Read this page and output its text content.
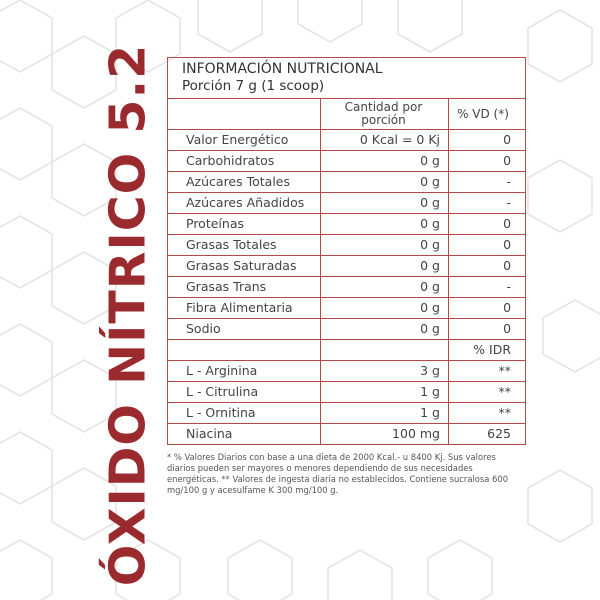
ÓXIDO NÍTRICO 5.2 INFORMACIÓN NUTRICIONAL
Porción 7 g (1 scoop)		

	Cantidad por porción	% VD (*)
Valor Energético	0 Kcal = 0 Kj	0
Carbohidratos	0 g	0
Azúcares Totales	0 g	-
Azúcares Añadidos	0 g	-
Proteínas	0 g	0
Grasas Totales	0 g	0
Grasas Saturadas	0 g	0
Grasas Trans	0 g	-
Fibra Alimentaria	0 g	0
Sodio	0 g	0
		% IDR
L - Arginina	3 g	**
L - Citrulina	1 g	**
L - Ornitina	1 g	**
Niacina	100 mg	625
* % Valores Diarios con base a una dieta de 2000 Kcal.- u 8400 Kj. Sus valores diarios pueden ser mayores o menores dependiendo de sus necesidades energéticas. ** Valores de ingesta diaria no establecidos. Contiene sucralosa 600 mg/100 g y acesulfame K 300 mg/100 g.
